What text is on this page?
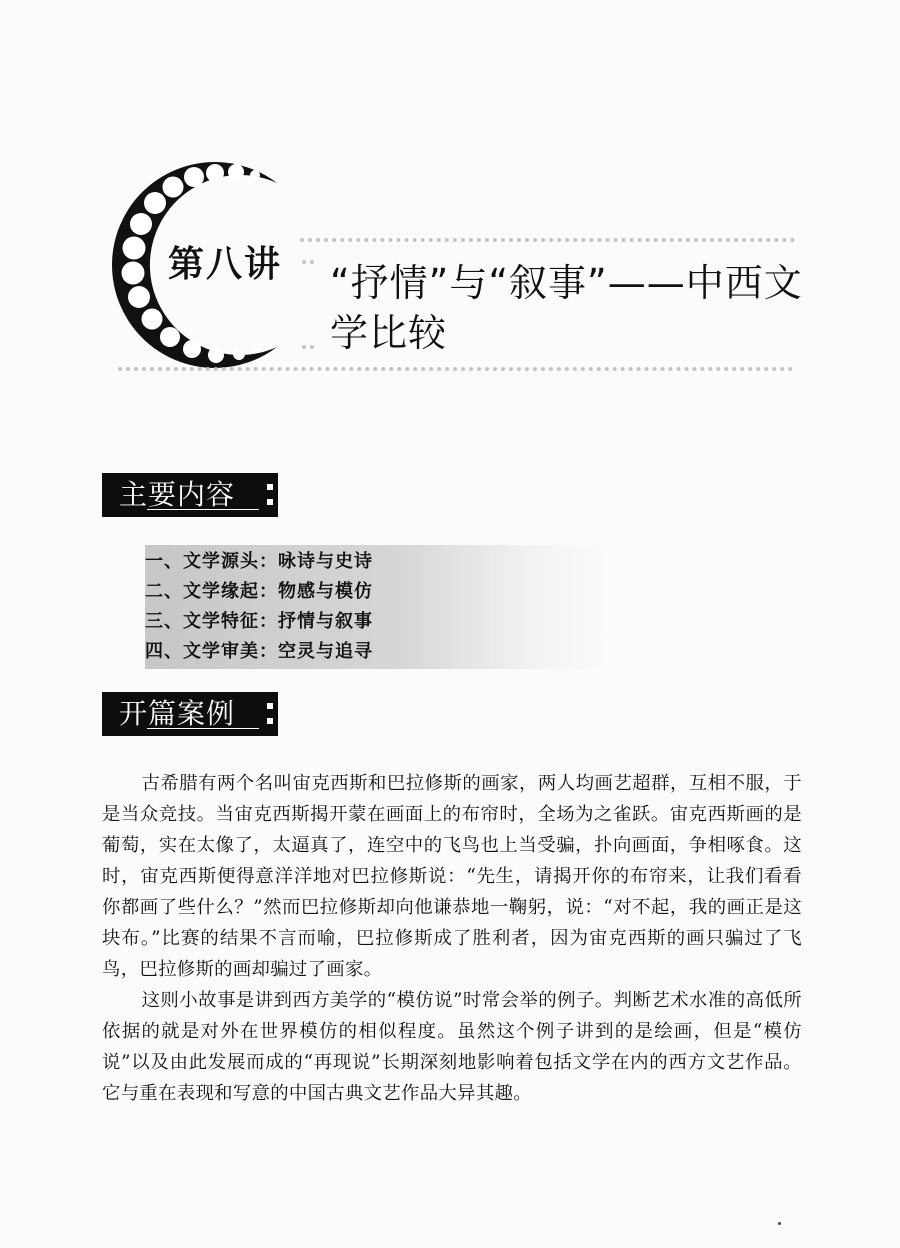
第八讲 “抒情”与“叙事”——中西文学比较
主要内容
一、文学源头：咏诗与史诗
二、文学缘起：物感与模仿
三、文学特征：抒情与叙事
四、文学审美：空灵与追寻
开篇案例

古希腊有两个名叫宙克西斯和巴拉修斯的画家，两人均画艺超群，互相不服，于是当众竞技。当宙克西斯揭开蒙在画面上的布帘时，全场为之雀跃。宙克西斯画的是葡萄，实在太像了，太逼真了，连空中的飞鸟也上当受骗，扑向画面，争相啄食。这时，宙克西斯便得意洋洋地对巴拉修斯说：“先生，请揭开你的布帘来，让我们看看你都画了些什么？”然而巴拉修斯却向他谦恭地一鞠躬，说：“对不起，我的画正是这块布。”比赛的结果不言而喻，巴拉修斯成了胜利者，因为宙克西斯的画只骗过了飞鸟，巴拉修斯的画却骗过了画家。

这则小故事是讲到西方美学的“模仿说”时常会举的例子。判断艺术水准的高低所依据的就是对外在世界模仿的相似程度。虽然这个例子讲到的是绘画，但是“模仿说”以及由此发展而成的“再现说”长期深刻地影响着包括文学在内的西方文艺作品。它与重在表现和写意的中国古典文艺作品大异其趣。
